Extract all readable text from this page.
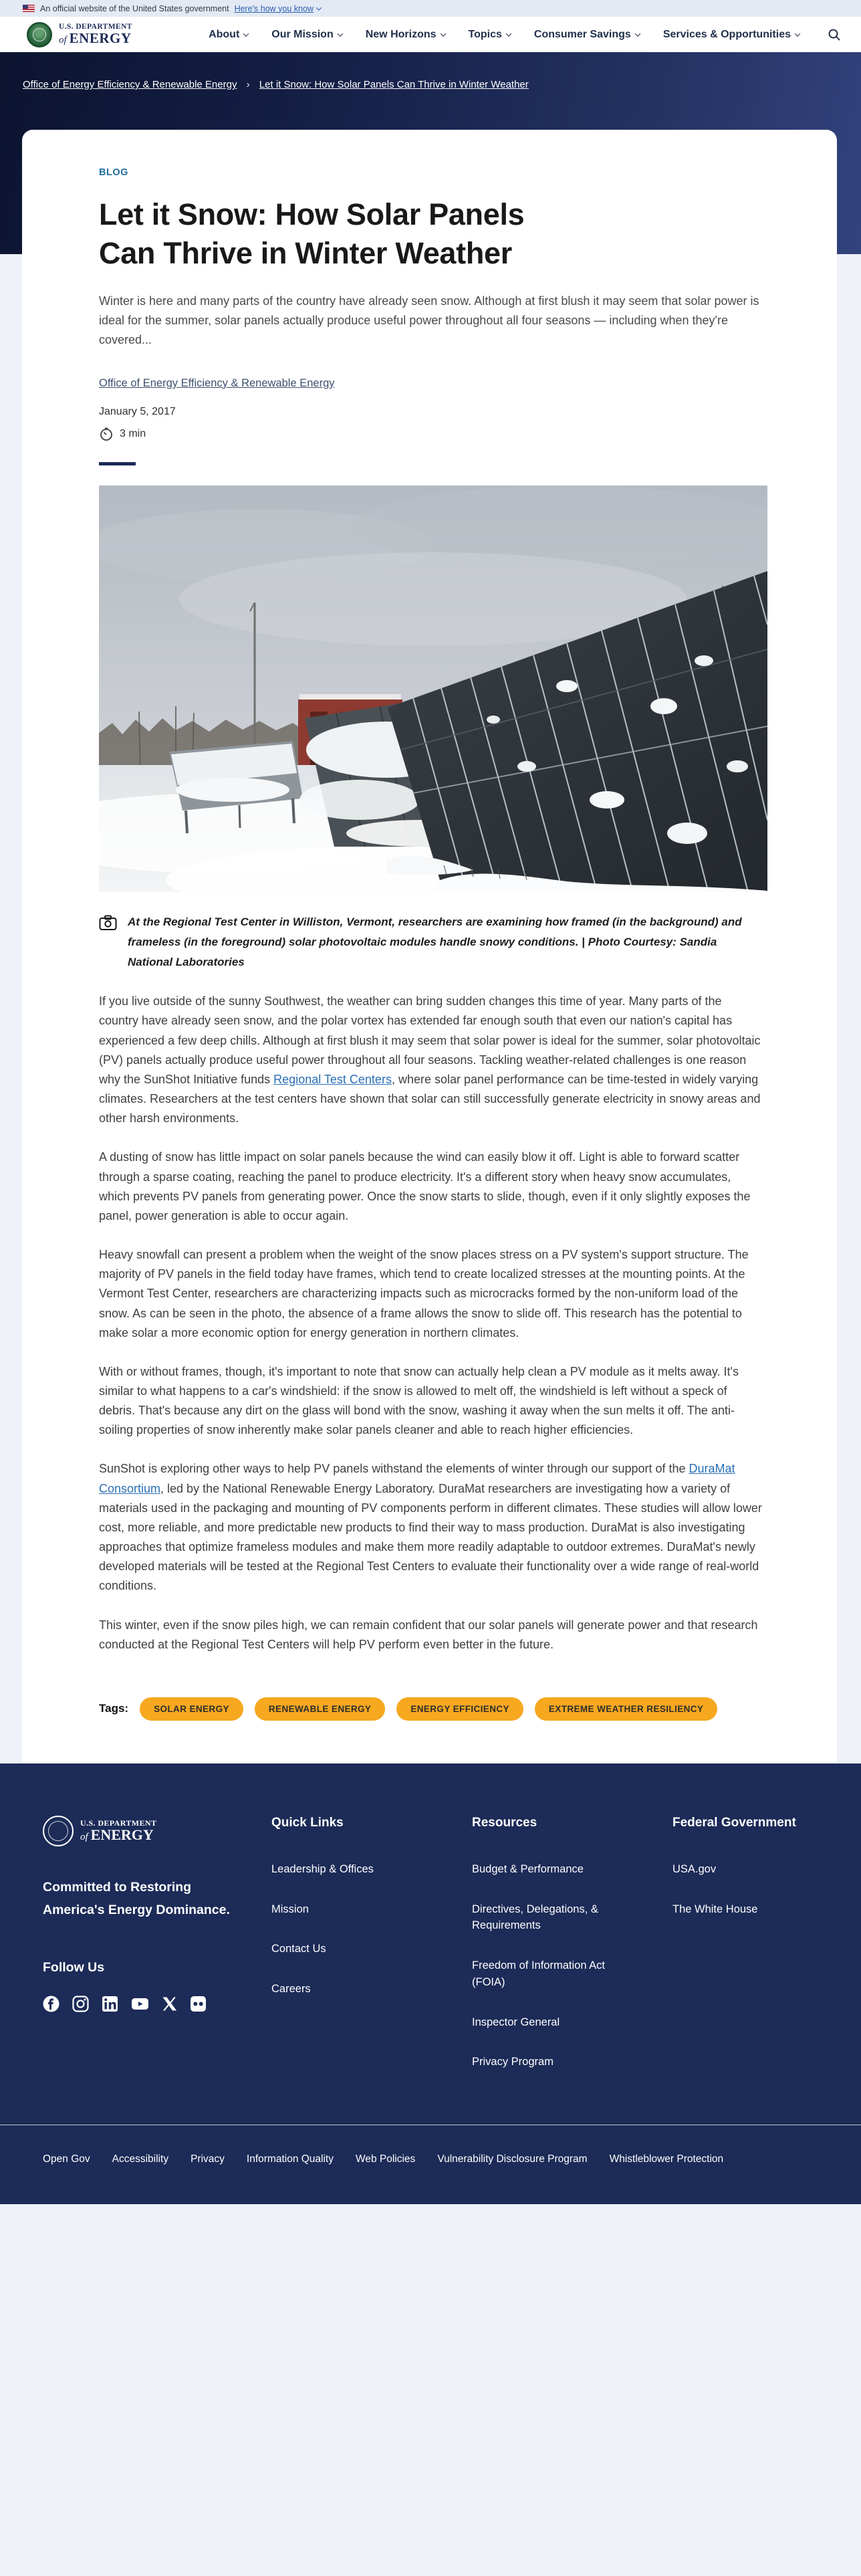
An official website of the United States government Here's how you know
U.S. DEPARTMENT
of ENERGY	About	Our Mission	New Horizons	Topics	Consumer Savings	Services & Opportunities
Office of Energy Efficiency & Renewable Energy › Let it Snow: How Solar Panels Can Thrive in Winter Weather
BLOG
Let it Snow: How Solar Panels Can Thrive in Winter Weather

Winter is here and many parts of the country have already seen snow. Although at first blush it may seem that solar power is ideal for the summer, solar panels actually produce useful power throughout all four seasons — including when they're covered...

Office of Energy Efficiency & Renewable Energy
January 5, 2017
3 min
At the Regional Test Center in Williston, Vermont, researchers are examining how framed (in the background) and frameless (in the foreground) solar photovoltaic modules handle snowy conditions. | Photo Courtesy: Sandia National Laboratories

If you live outside of the sunny Southwest, the weather can bring sudden changes this time of year. Many parts of the country have already seen snow, and the polar vortex has extended far enough south that even our nation's capital has experienced a few deep chills. Although at first blush it may seem that solar power is ideal for the summer, solar photovoltaic (PV) panels actually produce useful power throughout all four seasons. Tackling weather-related challenges is one reason why the SunShot Initiative funds Regional Test Centers, where solar panel performance can be time-tested in widely varying climates. Researchers at the test centers have shown that solar can still successfully generate electricity in snowy areas and other harsh environments.

A dusting of snow has little impact on solar panels because the wind can easily blow it off. Light is able to forward scatter through a sparse coating, reaching the panel to produce electricity. It's a different story when heavy snow accumulates, which prevents PV panels from generating power. Once the snow starts to slide, though, even if it only slightly exposes the panel, power generation is able to occur again.

Heavy snowfall can present a problem when the weight of the snow places stress on a PV system's support structure. The majority of PV panels in the field today have frames, which tend to create localized stresses at the mounting points. At the Vermont Test Center, researchers are characterizing impacts such as microcracks formed by the non-uniform load of the snow. As can be seen in the photo, the absence of a frame allows the snow to slide off. This research has the potential to make solar a more economic option for energy generation in northern climates.

With or without frames, though, it's important to note that snow can actually help clean a PV module as it melts away. It's similar to what happens to a car's windshield: if the snow is allowed to melt off, the windshield is left without a speck of debris. That's because any dirt on the glass will bond with the snow, washing it away when the sun melts it off. The anti-soiling properties of snow inherently make solar panels cleaner and able to reach higher efficiencies.

SunShot is exploring other ways to help PV panels withstand the elements of winter through our support of the DuraMat Consortium, led by the National Renewable Energy Laboratory. DuraMat researchers are investigating how a variety of materials used in the packaging and mounting of PV components perform in different climates. These studies will allow lower cost, more reliable, and more predictable new products to find their way to mass production. DuraMat is also investigating approaches that optimize frameless modules and make them more readily adaptable to outdoor extremes. DuraMat's newly developed materials will be tested at the Regional Test Centers to evaluate their functionality over a wide range of real-world conditions.

This winter, even if the snow piles high, we can remain confident that our solar panels will generate power and that research conducted at the Regional Test Centers will help PV perform even better in the future.

Tags:	SOLAR ENERGY	RENEWABLE ENERGY	ENERGY EFFICIENCY	EXTREME WEATHER RESILIENCY
U.S. DEPARTMENT
of ENERGY
Committed to Restoring
America's Energy Dominance.
Follow Us
Quick Links
Leadership & Offices
Mission
Contact Us
Careers
Resources
Budget & Performance
Directives, Delegations, & Requirements
Freedom of Information Act (FOIA)
Inspector General
Privacy Program
Federal Government
USA.gov
The White House
Open Gov Accessibility Privacy Information Quality Web Policies Vulnerability Disclosure Program Whistleblower Protection
